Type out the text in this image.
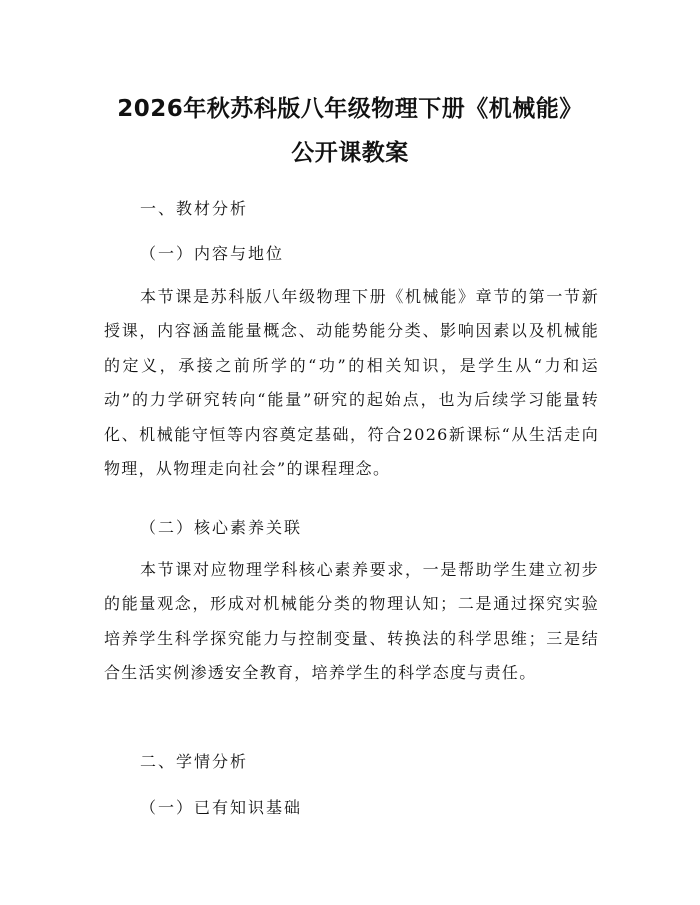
2026年秋苏科版八年级物理下册《机械能》
公开课教案
一、教材分析
（一）内容与地位

本节课是苏科版八年级物理下册《机械能》章节的第一节新授课，内容涵盖能量概念、动能势能分类、影响因素以及机械能的定义，承接之前所学的“功”的相关知识，是学生从“力和运动”的力学研究转向“能量”研究的起始点，也为后续学习能量转化、机械能守恒等内容奠定基础，符合2026新课标“从生活走向物理，从物理走向社会”的课程理念。

（二）核心素养关联

本节课对应物理学科核心素养要求，一是帮助学生建立初步的能量观念，形成对机械能分类的物理认知；二是通过探究实验培养学生科学探究能力与控制变量、转换法的科学思维；三是结合生活实例渗透安全教育，培养学生的科学态度与责任。

二、学情分析
（一）已有知识基础
